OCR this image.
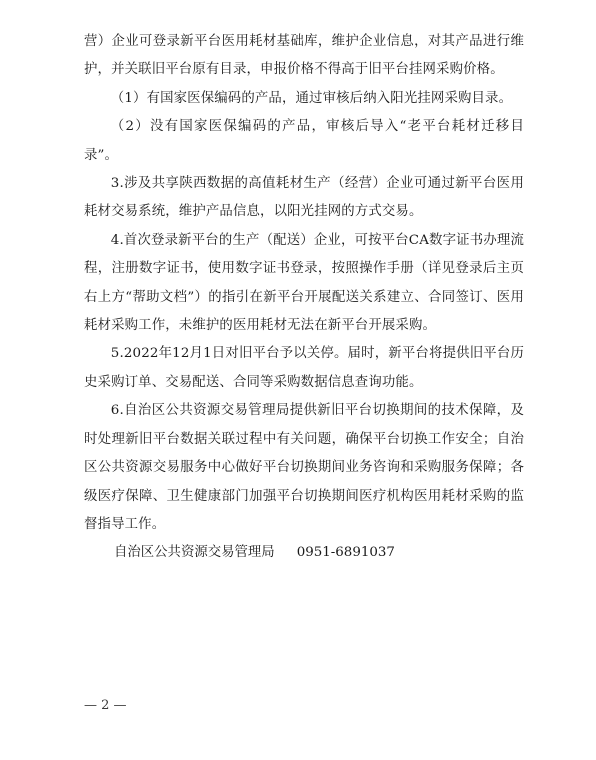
营）企业可登录新平台医用耗材基础库，维护企业信息，对其产品进行维护，并关联旧平台原有目录，申报价格不得高于旧平台挂网采购价格。

（1）有国家医保编码的产品，通过审核后纳入阳光挂网采购目录。

（2）没有国家医保编码的产品，审核后导入“老平台耗材迁移目录”。

3.涉及共享陕西数据的高值耗材生产（经营）企业可通过新平台医用耗材交易系统，维护产品信息，以阳光挂网的方式交易。

4.首次登录新平台的生产（配送）企业，可按平台CA数字证书办理流程，注册数字证书，使用数字证书登录，按照操作手册（详见登录后主页右上方“帮助文档”）的指引在新平台开展配送关系建立、合同签订、医用耗材采购工作，未维护的医用耗材无法在新平台开展采购。

5.2022年12月1日对旧平台予以关停。届时，新平台将提供旧平台历史采购订单、交易配送、合同等采购数据信息查询功能。

6.自治区公共资源交易管理局提供新旧平台切换期间的技术保障，及时处理新旧平台数据关联过程中有关问题，确保平台切换工作安全；自治区公共资源交易服务中心做好平台切换期间业务咨询和采购服务保障；各级医疗保障、卫生健康部门加强平台切换期间医疗机构医用耗材采购的监督指导工作。

自治区公共资源交易管理局 0951-6891037

— 2 —
